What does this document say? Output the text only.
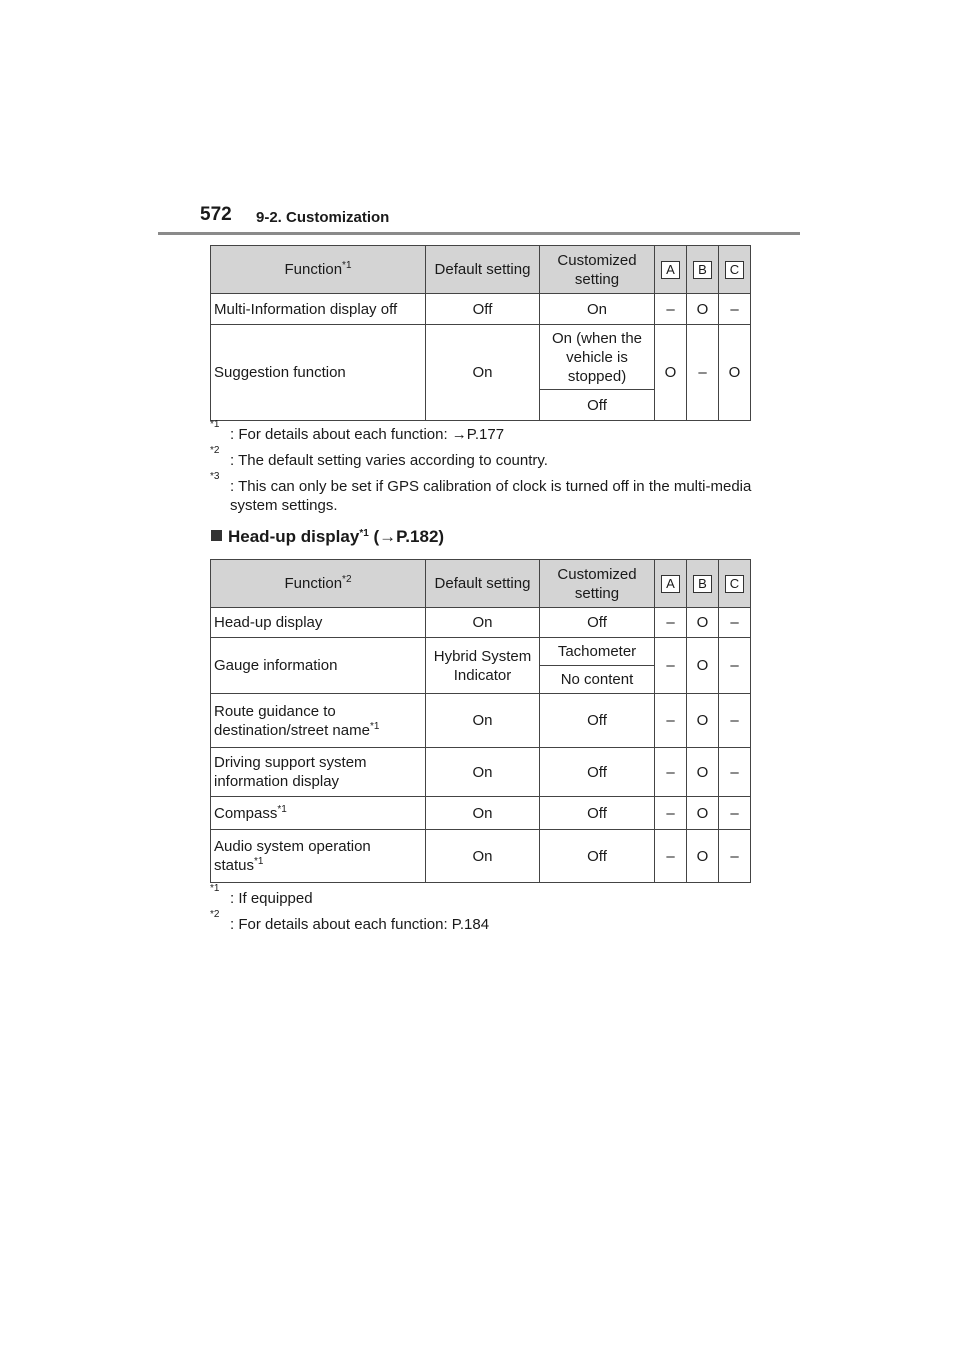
572 9-2. Customization
Function$^{*1}$	Default setting	Customized setting	A	B	C
Multi-Information display off	Off	On	–	O	–
Suggestion function	On	On (when the vehicle is stopped)	O	–	O
		Off			
*1
: For details about each function: →P.177
*2
: The default setting varies according to country.
*3
: This can only be set if GPS calibration of clock is turned off in the multi-media system settings.
Head-up display$^{*1}$ (→P.182)
Function$^{*2}$	Default setting	Customized setting	A	B	C
Head-up display	On	Off	–	O	–
Gauge information	Hybrid System Indicator	Tachometer	–	O	–
		No content			
Route guidance to destination/street name$^{*1}$	On	Off	–	O	–
Driving support system information display	On	Off	–	O	–
Compass$^{*1}$	On	Off	–	O	–
Audio system operation status$^{*1}$	On	Off	–	O	–
*1
: If equipped
*2
: For details about each function: P.184
